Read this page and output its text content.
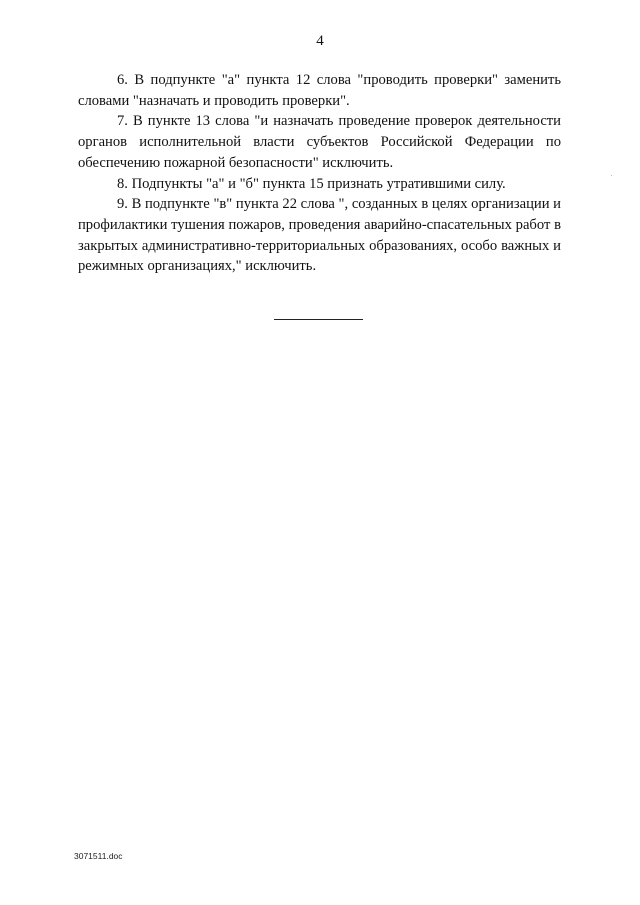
4

6. В подпункте "а" пункта 12 слова "проводить проверки" заменить словами "назначать и проводить проверки".

7. В пункте 13 слова "и назначать проведение проверок деятельности органов исполнительной власти субъектов Российской Федерации по обеспечению пожарной безопасности" исключить.

8. Подпункты "а" и "б" пункта 15 признать утратившими силу.

9. В подпункте "в" пункта 22 слова ", созданных в целях организации и профилактики тушения пожаров, проведения аварийно-спасательных работ в закрытых административно-территориальных образованиях, особо важных и режимных организациях," исключить.

3071511.doc
